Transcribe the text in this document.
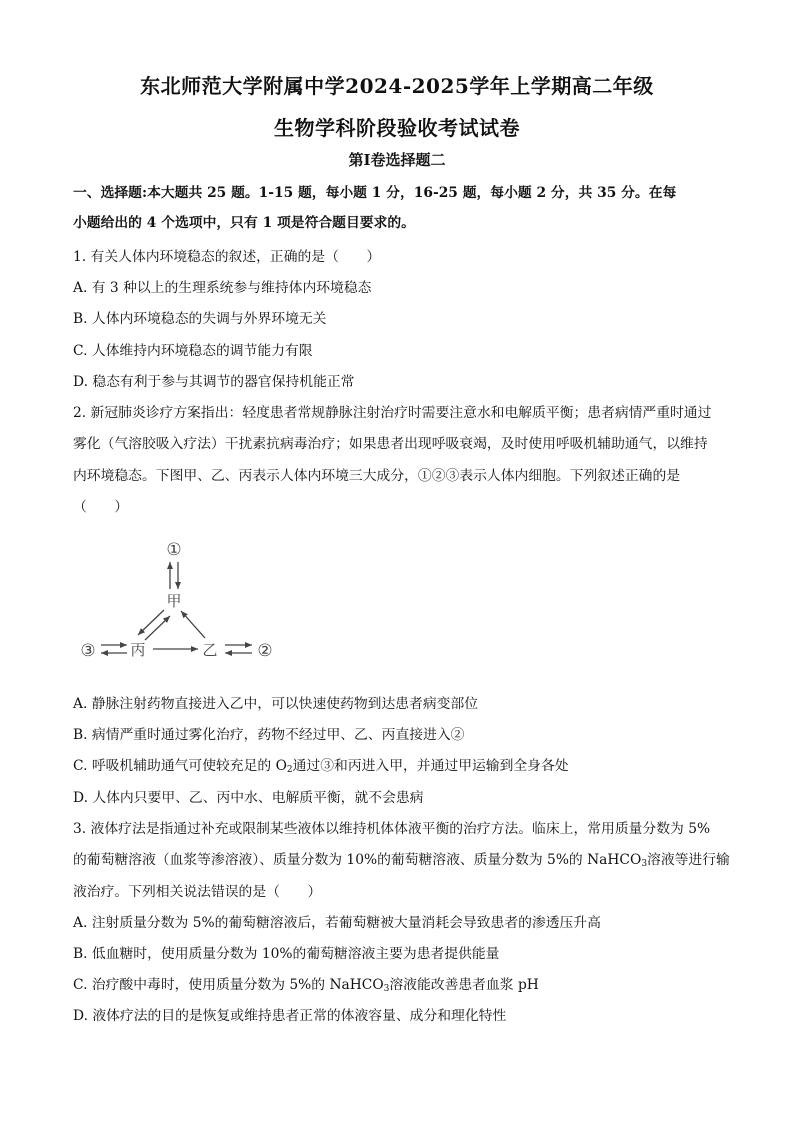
东北师范大学附属中学2024-2025学年上学期高二年级
生物学科阶段验收考试试卷
第Ⅰ卷选择题二
一、选择题:本大题共 25 题。1-15 题，每小题 1 分，16-25 题，每小题 2 分，共 35 分。在每
小题给出的 4 个选项中，只有 1 项是符合题目要求的。
1. 有关人体内环境稳态的叙述，正确的是（　　）
A. 有 3 种以上的生理系统参与维持体内环境稳态
B. 人体内环境稳态的失调与外界环境无关
C. 人体维持内环境稳态的调节能力有限
D. 稳态有利于参与其调节的器官保持机能正常
2. 新冠肺炎诊疗方案指出：轻度患者常规静脉注射治疗时需要注意水和电解质平衡；患者病情严重时通过
雾化（气溶胶吸入疗法）干扰素抗病毒治疗；如果患者出现呼吸衰竭，及时使用呼吸机辅助通气，以维持
内环境稳态。下图甲、乙、丙表示人体内环境三大成分，①②③表示人体内细胞。下列叙述正确的是
（　　）
①
甲
③ 丙	乙 ②
A. 静脉注射药物直接进入乙中，可以快速使药物到达患者病变部位
B. 病情严重时通过雾化治疗，药物不经过甲、乙、丙直接进入②
C. 呼吸机辅助通气可使较充足的 $O_2$通过③和丙进入甲，并通过甲运输到全身各处
D. 人体内只要甲、乙、丙中水、电解质平衡，就不会患病
3. 液体疗法是指通过补充或限制某些液体以维持机体体液平衡的治疗方法。临床上，常用质量分数为 5%
的葡萄糖溶液（血浆等渗溶液）、质量分数为 10%的葡萄糖溶液、质量分数为 5%的 NaHCO$_3$溶液等进行输
液治疗。下列相关说法错误的是（　　）
A. 注射质量分数为 5%的葡萄糖溶液后，若葡萄糖被大量消耗会导致患者的渗透压升高
B. 低血糖时，使用质量分数为 10%的葡萄糖溶液主要为患者提供能量
C. 治疗酸中毒时，使用质量分数为 5%的 NaHCO$_3$溶液能改善患者血浆 pH
D. 液体疗法的目的是恢复或维持患者正常的体液容量、成分和理化特性
